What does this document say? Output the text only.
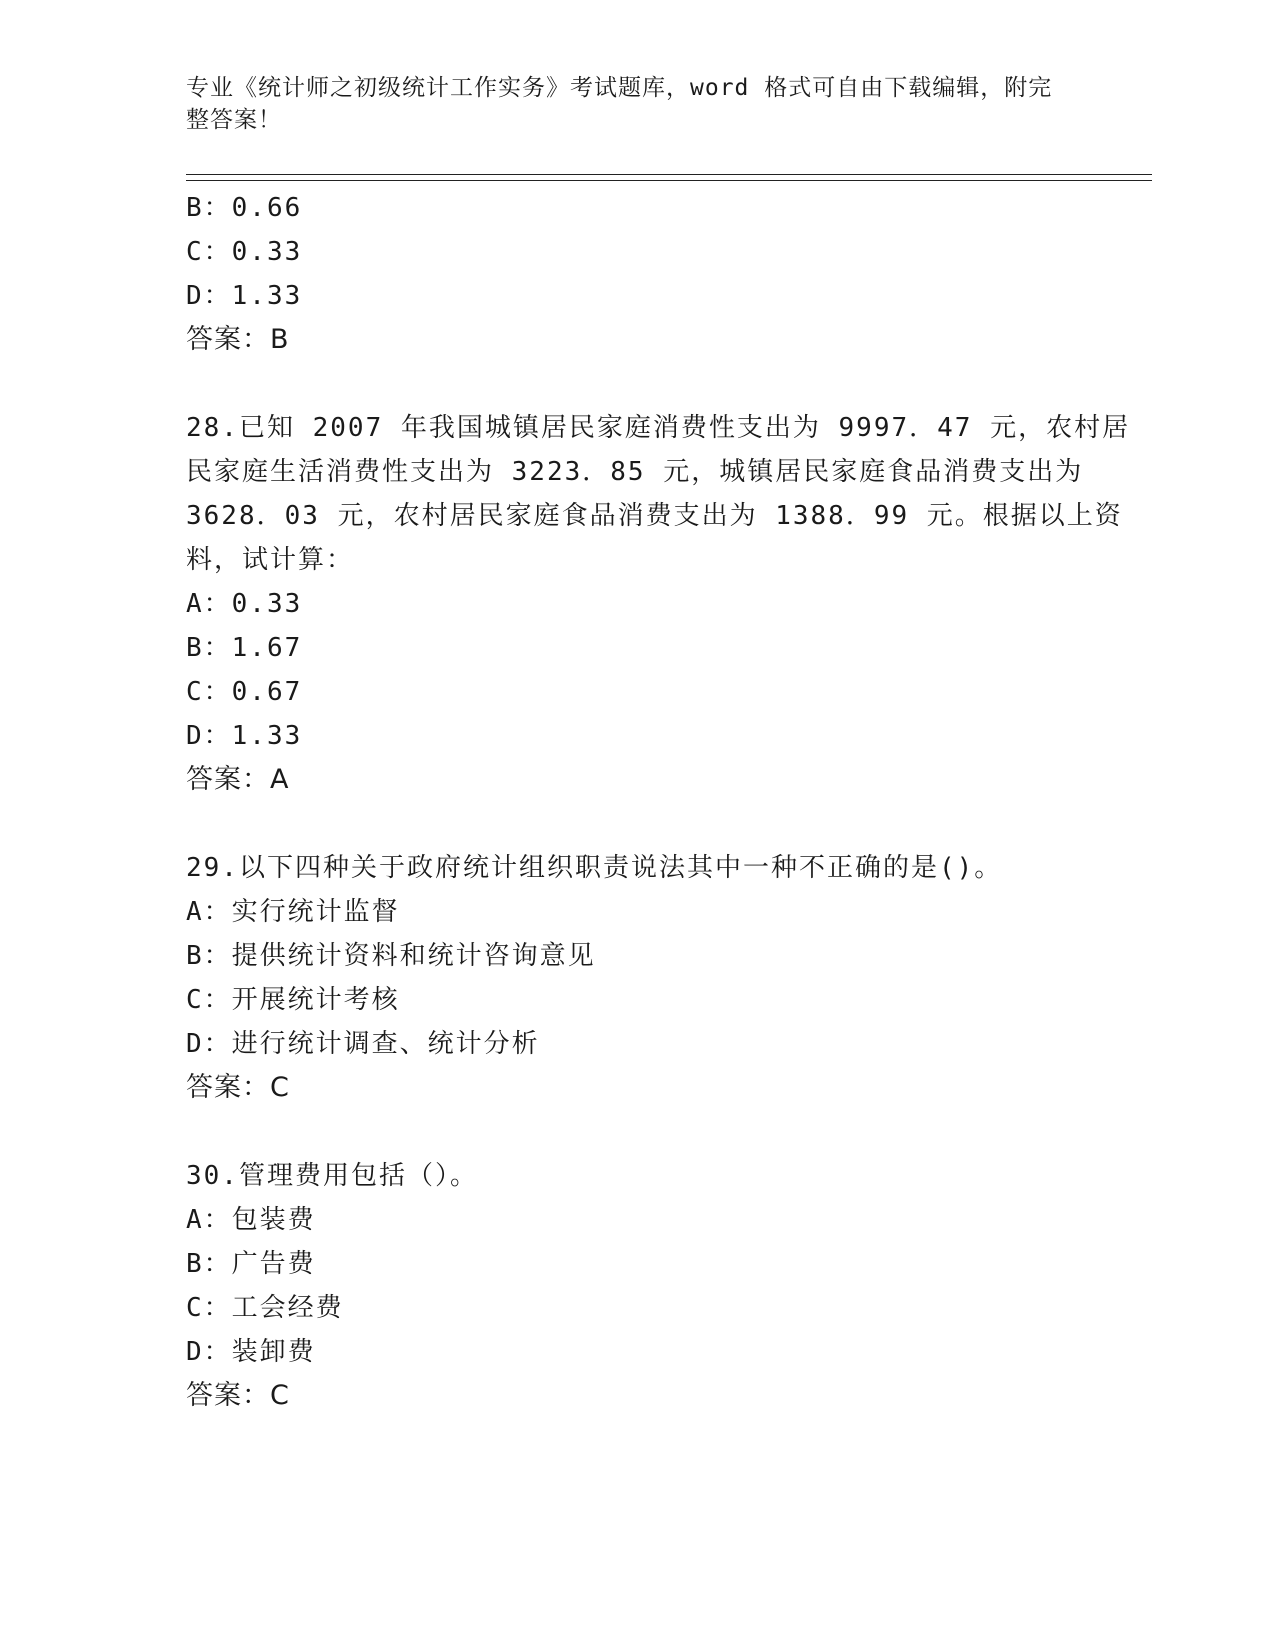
专业《统计师之初级统计工作实务》考试题库，word 格式可自由下载编辑，附完整答案！
B：0.66
C：0.33
D：1.33
答案：B
28.已知 2007 年我国城镇居民家庭消费性支出为 9997．47 元，农村居
民家庭生活消费性支出为 3223．85 元，城镇居民家庭食品消费支出为
3628．03 元，农村居民家庭食品消费支出为 1388．99 元。根据以上资
料，试计算：
A：0.33
B：1.67
C：0.67
D：1.33
答案：A
29.以下四种关于政府统计组织职责说法其中一种不正确的是()。
A：实行统计监督
B：提供统计资料和统计咨询意见
C：开展统计考核
D：进行统计调查、统计分析
答案：C
30.管理费用包括（）。
A：包装费
B：广告费
C：工会经费
D：装卸费
答案：C
